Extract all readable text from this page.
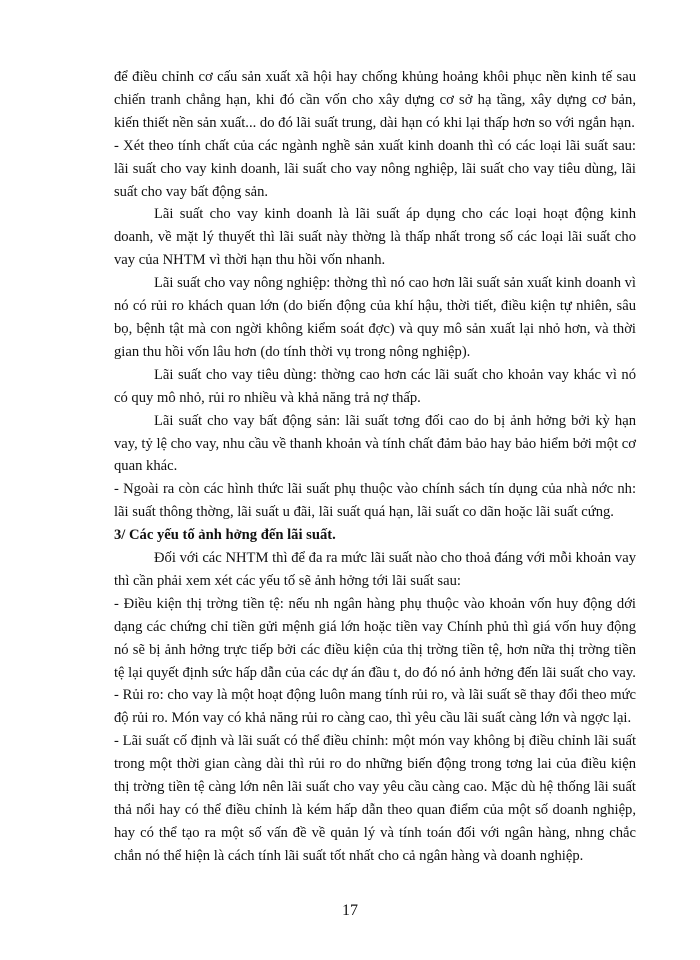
để điều chỉnh cơ cấu sản xuất xã hội hay chống khủng hoảng khôi phục nền kinh tế sau chiến tranh chẳng hạn, khi đó cần vốn cho xây dựng cơ sở hạ tầng, xây dựng cơ bản, kiến thiết nền sản xuất... do đó lãi suất trung, dài hạn có khi lại thấp hơn so với ngắn hạn.

- Xét theo tính chất của các ngành nghề sản xuất kinh doanh thì có các loại lãi suất sau: lãi suất cho vay kinh doanh, lãi suất cho vay nông nghiệp, lãi suất cho vay tiêu dùng, lãi suất cho vay bất động sản.

Lãi suất cho vay kinh doanh là lãi suất áp dụng cho các loại hoạt động kinh doanh, về mặt lý thuyết thì lãi suất này thờng là thấp nhất trong số các loại lãi suất cho vay của NHTM vì thời hạn thu hồi vốn nhanh.

Lãi suất cho vay nông nghiệp: thờng thì nó cao hơn lãi suất sản xuất kinh doanh vì nó có rủi ro khách quan lớn (do biến động của khí hậu, thời tiết, điều kiện tự nhiên, sâu bọ, bệnh tật mà con ngời không kiểm soát đợc) và quy mô sản xuất lại nhỏ hơn, và thời gian thu hồi vốn lâu hơn (do tính thời vụ trong nông nghiệp).

Lãi suất cho vay tiêu dùng: thờng cao hơn các lãi suất cho khoản vay khác vì nó có quy mô nhỏ, rủi ro nhiều và khả năng trả nợ thấp.

Lãi suất cho vay bất động sản: lãi suất tơng đối cao do bị ảnh hởng bởi kỳ hạn vay, tỷ lệ cho vay, nhu cầu về thanh khoản và tính chất đảm bảo hay bảo hiểm bởi một cơ quan khác.

- Ngoài ra còn các hình thức lãi suất phụ thuộc vào chính sách tín dụng của nhà nớc nh: lãi suất thông thờng, lãi suất u đãi, lãi suất quá hạn, lãi suất co dãn hoặc lãi suất cứng.

3/ Các yếu tố ảnh hởng đến lãi suất.

Đối với các NHTM thì để đa ra mức lãi suất nào cho thoả đáng với mỗi khoản vay thì cần phải xem xét các yếu tố sẽ ảnh hởng tới lãi suất sau:

- Điều kiện thị trờng tiền tệ: nếu nh ngân hàng phụ thuộc vào khoản vốn huy động dới dạng các chứng chỉ tiền gửi mệnh giá lớn hoặc tiền vay Chính phủ thì giá vốn huy động nó sẽ bị ảnh hởng trực tiếp bởi các điều kiện của thị trờng tiền tệ, hơn nữa thị trờng tiền tệ lại quyết định sức hấp dẫn của các dự án đầu t, do đó nó ảnh hởng đến lãi suất cho vay.

- Rủi ro: cho vay là một hoạt động luôn mang tính rủi ro, và lãi suất sẽ thay đổi theo mức độ rủi ro. Món vay có khả năng rủi ro càng cao, thì yêu cầu lãi suất càng lớn và ngợc lại.

- Lãi suất cố định và lãi suất có thể điều chỉnh: một món vay không bị điều chỉnh lãi suất trong một thời gian càng dài thì rủi ro do những biến động trong tơng lai của điều kiện thị trờng tiền tệ càng lớn nên lãi suất cho vay yêu cầu càng cao. Mặc dù hệ thống lãi suất thả nổi hay có thể điều chỉnh là kém hấp dẫn theo quan điểm của một số doanh nghiệp, hay có thể tạo ra một số vấn đề về quản lý và tính toán đối với ngân hàng, nhng chắc chắn nó thể hiện là cách tính lãi suất tốt nhất cho cả ngân hàng và doanh nghiệp.

17
